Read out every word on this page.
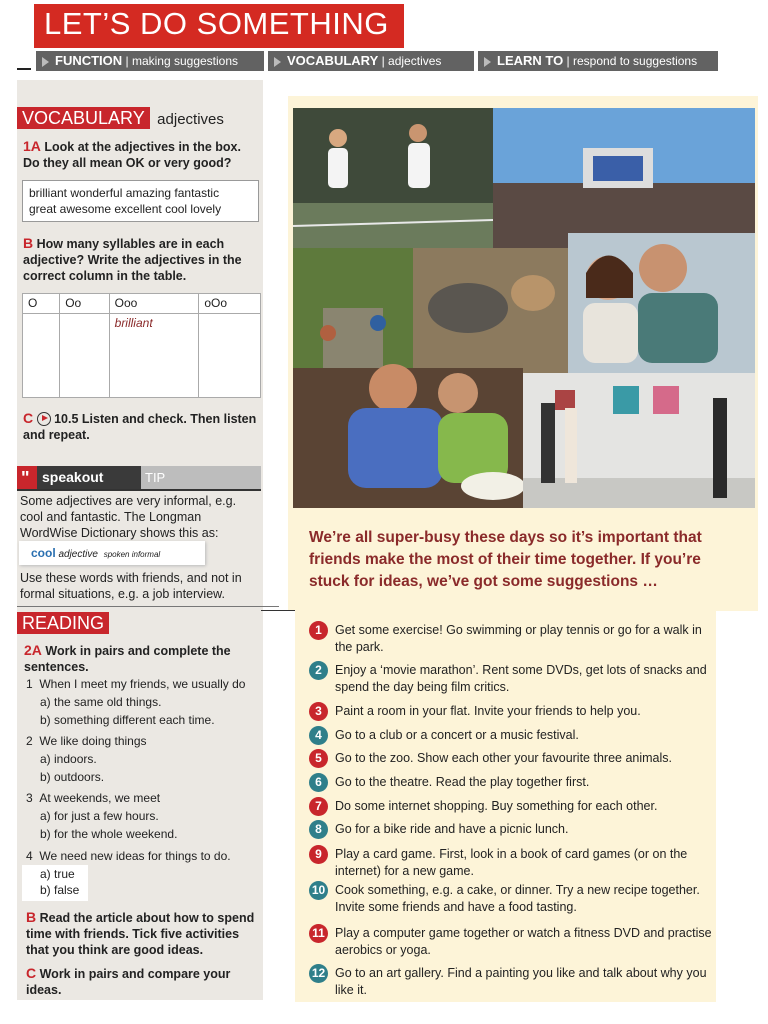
LET’S DO SOMETHING
FUNCTION | making suggestions	VOCABULARY | adjectives	LEARN TO | respond to suggestions
VOCABULARY adjectives
1A Look at the adjectives in the box. Do they all mean OK or very good?
brilliant wonderful amazing fantastic
great awesome excellent cool lovely
B How many syllables are in each adjective? Write the adjectives in the correct column in the table.
O	Oo	Ooo	oOo
		brilliant	
C 10.5 Listen and check. Then listen and repeat.
" speakout	TIP
Some adjectives are very informal, e.g. cool and fantastic. The Longman WordWise Dictionary shows this as:
cool adjective spoken informal
Use these words with friends, and not in formal situations, e.g. a job interview.
READING
2A Work in pairs and complete the sentences.
1 When I meet my friends, we usually do
a) the same old things.
b) something different each time.
2 We like doing things
a) indoors.
b) outdoors.
3 At weekends, we meet
a) for just a few hours.
b) for the whole weekend.
4 We need new ideas for things to do.
a) true
b) false
B Read the article about how to spend time with friends. Tick five activities that you think are good ideas.
C Work in pairs and compare your ideas.
We’re all super-busy these days so it’s important that friends make the most of their time together. If you’re stuck for ideas, we’ve got some suggestions …
1	Get some exercise! Go swimming or play tennis or go for a walk in the park.
2	Enjoy a ‘movie marathon’. Rent some DVDs, get lots of snacks and spend the day being film critics.
3	Paint a room in your flat. Invite your friends to help you.
4	Go to a club or a concert or a music festival.
5	Go to the zoo. Show each other your favourite three animals.
6	Go to the theatre. Read the play together first.
7	Do some internet shopping. Buy something for each other.
8	Go for a bike ride and have a picnic lunch.
9	Play a card game. First, look in a book of card games (or on the internet) for a new game.
10 Cook something, e.g. a cake, or dinner. Try a new recipe together. Invite some friends and have a food tasting.
11 Play a computer game together or watch a fitness DVD and practise aerobics or yoga.
12 Go to an art gallery. Find a painting you like and talk about why you like it.
